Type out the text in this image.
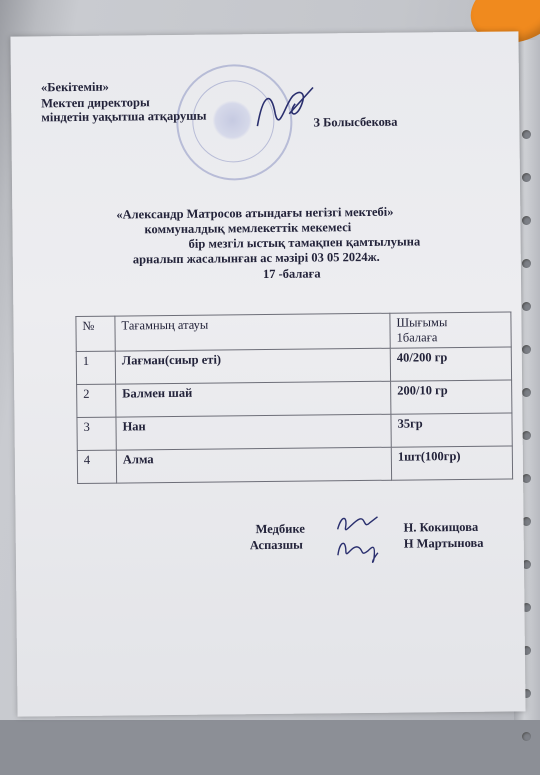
«Бекітемін»
Мектеп директоры
міндетін уақытша атқарушы	З Болысбекова
«Александр Матросов атындағы негізгі мектебі»
коммуналдық мемлекеттік мекемесі
бір мезгіл ыстық тамақпен қамтылуына
арналып жасалынған ас мәзірі 03 05 2024ж.
17 -балаға
№	Тағамның атауы	Шығымы
1балаға

1	Лағман(сиыр еті)	40/200 гр
2	Балмен шай	200/10 гр
3	Нан	35гр
4	Алма	1шт(100гр)
Медбике
Аспазшы
Н. Кокищова
Н Мартынова
